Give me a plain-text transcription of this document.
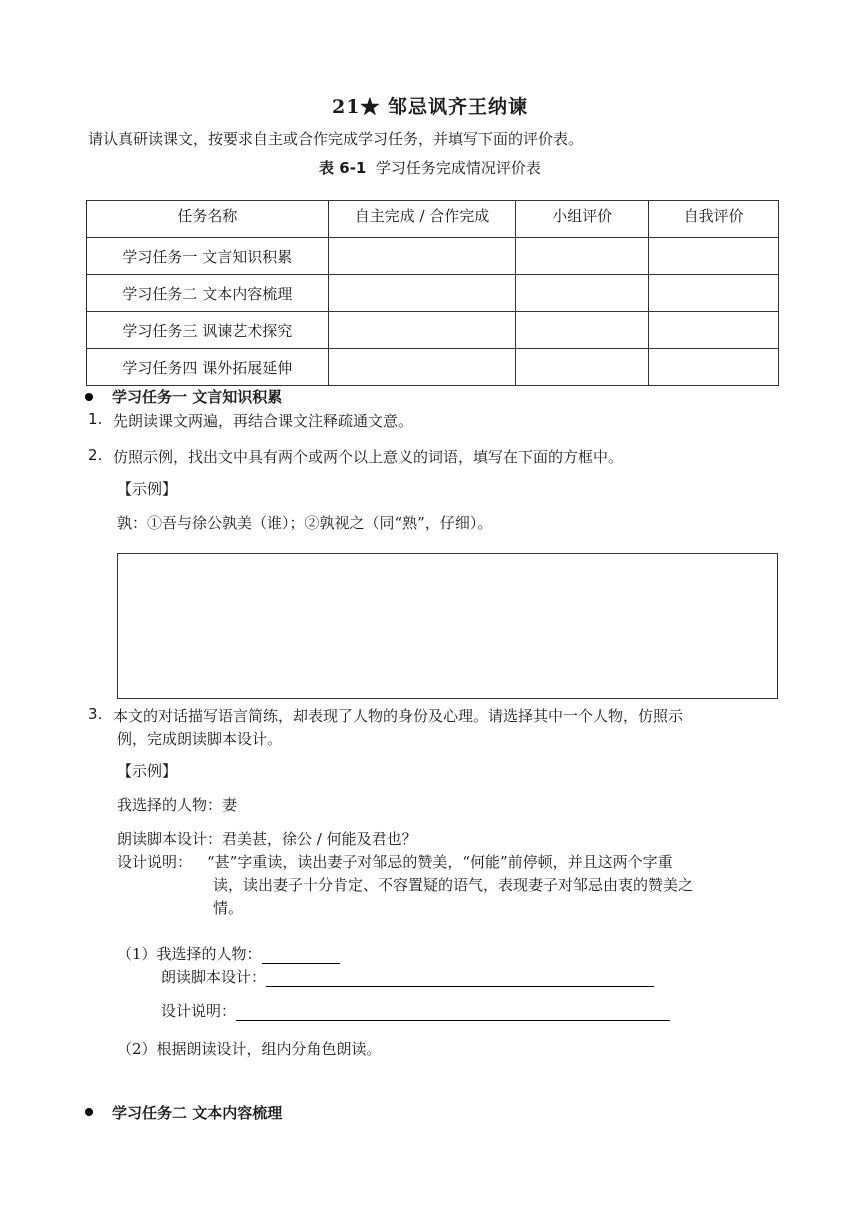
21★ 邹忌讽齐王纳谏
请认真研读课文，按要求自主或合作完成学习任务，并填写下面的评价表。
表 6-1 学习任务完成情况评价表
任务名称	自主完成 / 合作完成	小组评价	自我评价
学习任务一 文言知识积累			
学习任务二 文本内容梳理			
学习任务三 讽谏艺术探究			
学习任务四 课外拓展延伸			
学习任务一 文言知识积累
1. 先朗读课文两遍，再结合课文注释疏通文意。
2. 仿照示例，找出文中具有两个或两个以上意义的词语，填写在下面的方框中。
【示例】
孰：①吾与徐公孰美（谁）；②孰视之（同“熟”，仔细）。
3. 本文的对话描写语言简练，却表现了人物的身份及心理。请选择其中一个人物，仿照示
例，完成朗读脚本设计。
【示例】
我选择的人物：妻
朗读脚本设计：君美甚，徐公 / 何能及君也？
设计说明： “甚”字重读，读出妻子对邹忌的赞美，“何能”前停顿，并且这两个字重
读，读出妻子十分肯定、不容置疑的语气，表现妻子对邹忌由衷的赞美之
情。
（1）我选择的人物：
朗读脚本设计：
设计说明：
（2）根据朗读设计，组内分角色朗读。
学习任务二 文本内容梳理
